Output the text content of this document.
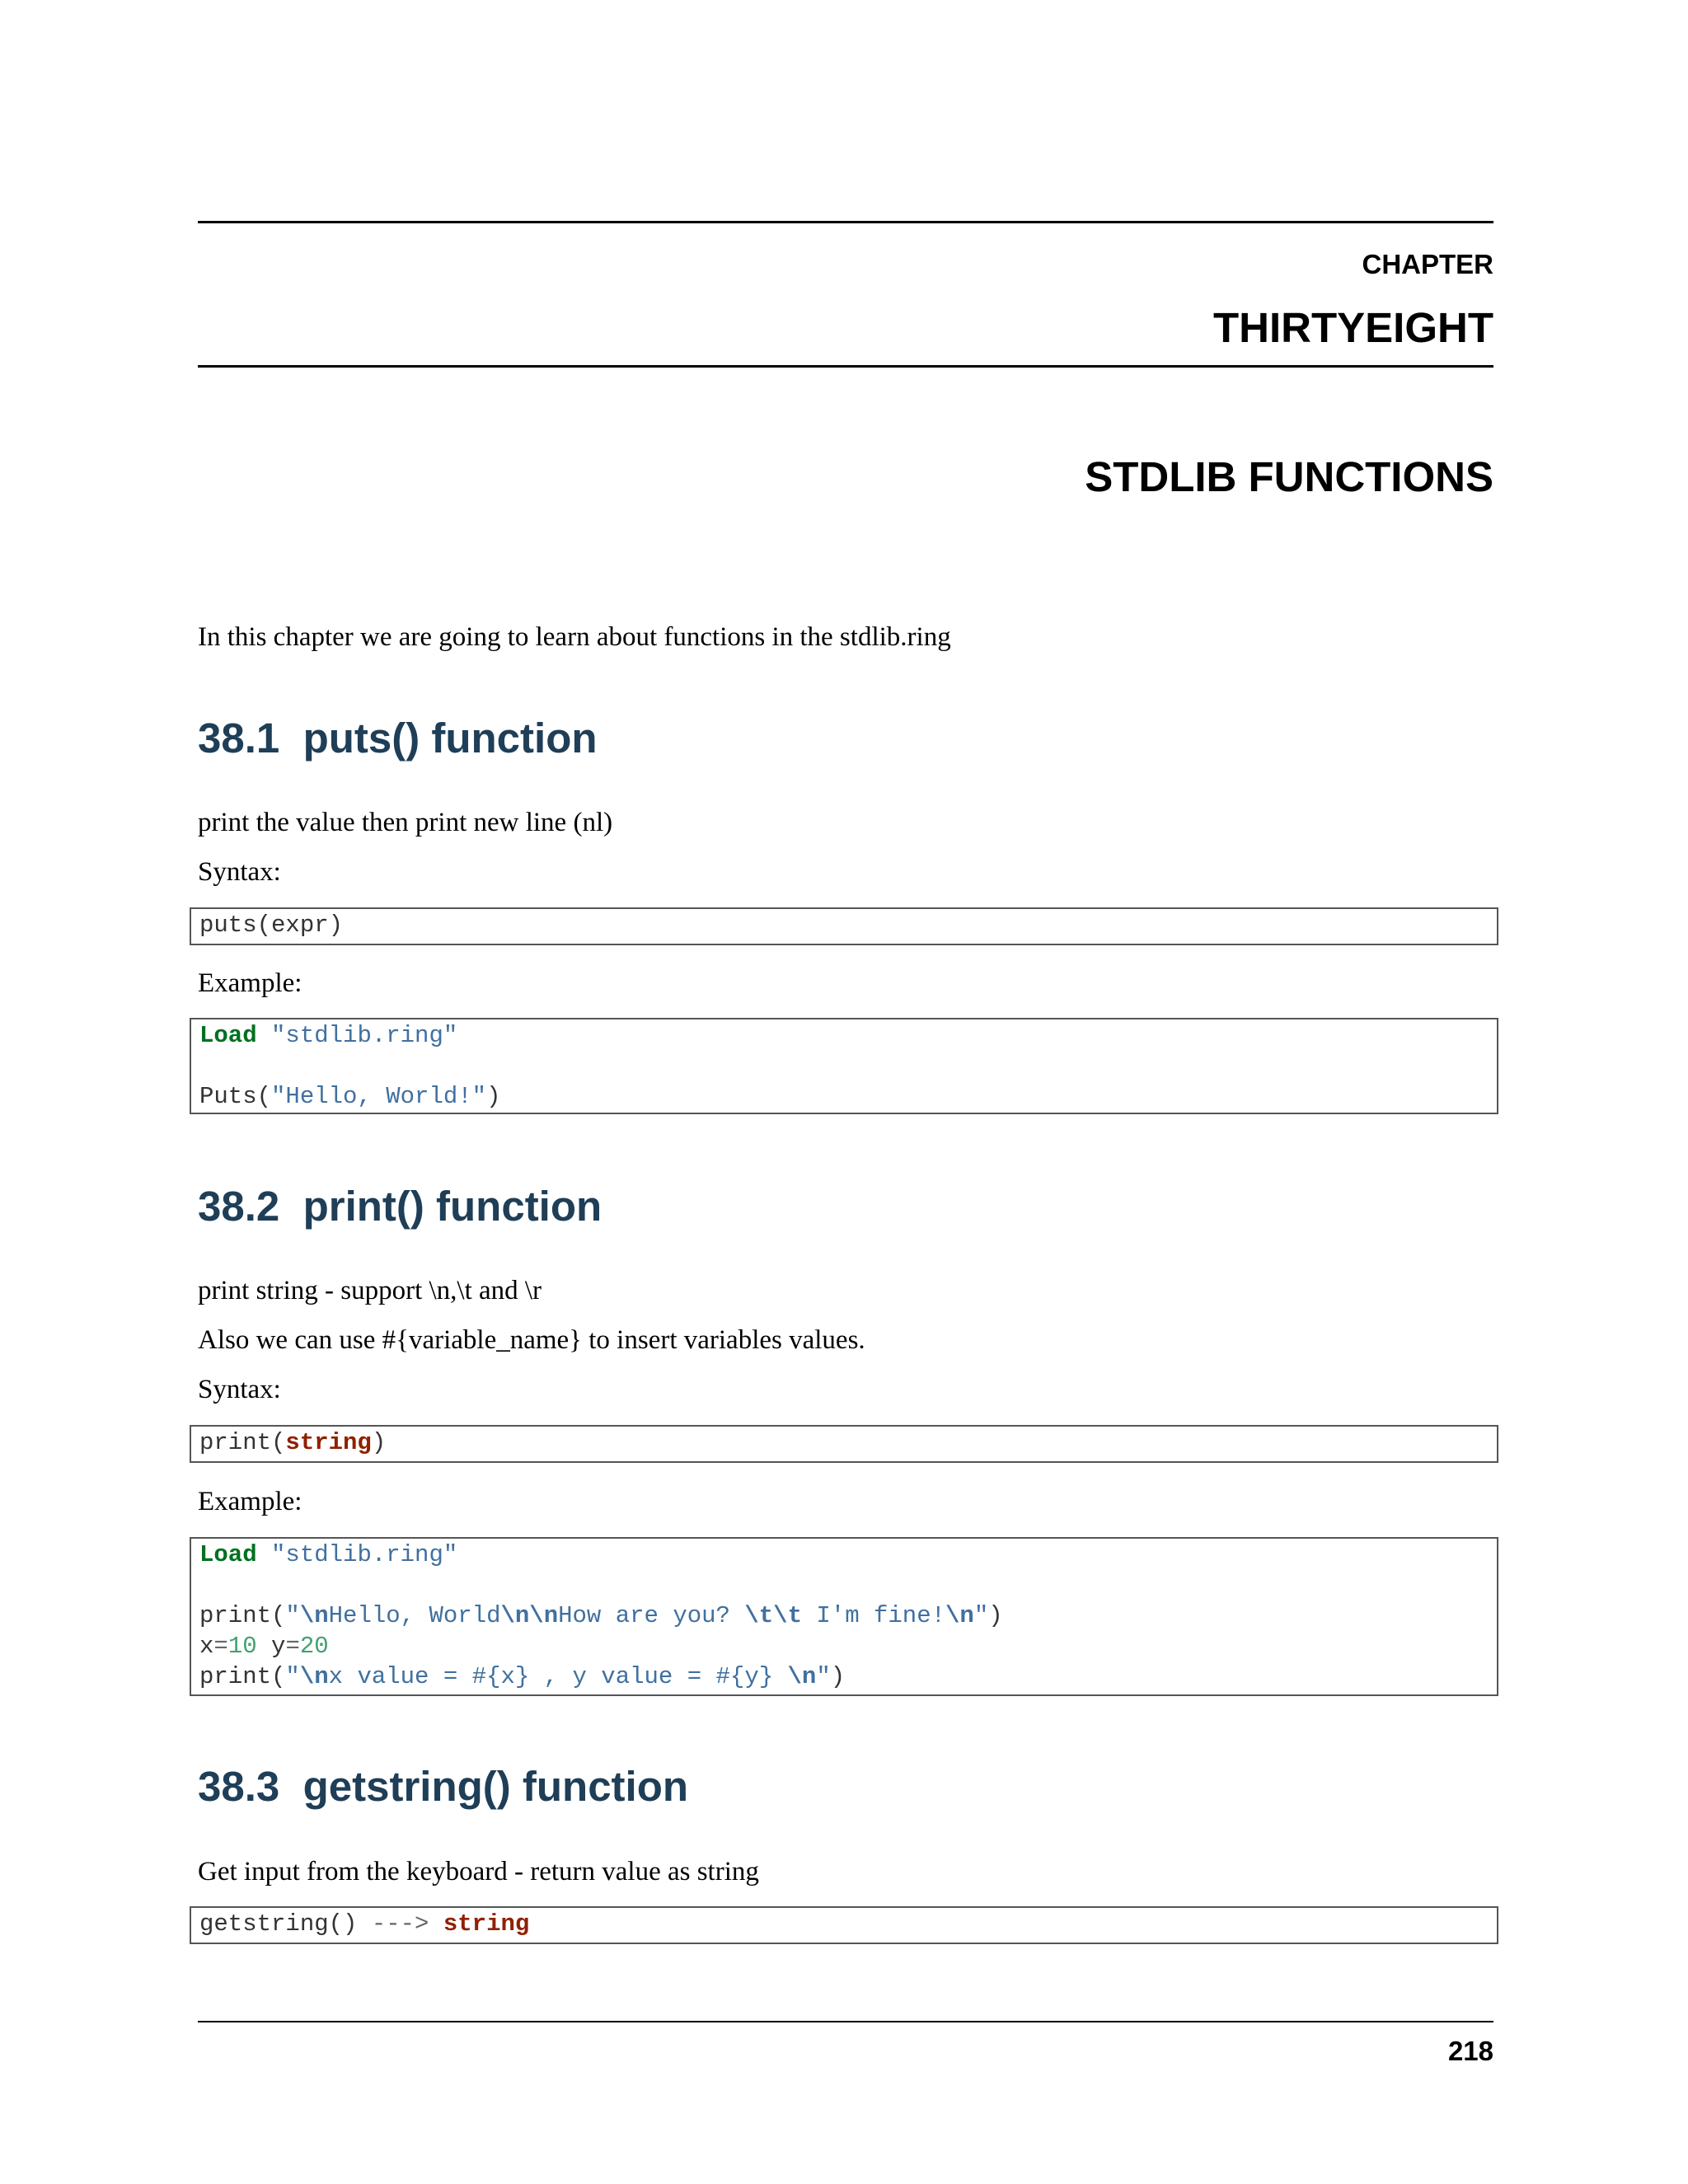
CHAPTER
THIRTYEIGHT
STDLIB FUNCTIONS
In this chapter we are going to learn about functions in the stdlib.ring
38.1  puts() function
print the value then print new line (nl)
Syntax:
puts(expr)
Example:
Load "stdlib.ring"
Puts("Hello, World!")
38.2  print() function
print string - support \n,\t and \r
Also we can use #{variable_name} to insert variables values.
Syntax:
print(string)
Example:
Load "stdlib.ring"
print("\nHello, World\n\nHow are you? \t\t I'm fine!\n")
x=10 y=20
print("\nx value = #{x} , y value = #{y} \n")
38.3  getstring() function
Get input from the keyboard - return value as string
getstring() ---> string
218
